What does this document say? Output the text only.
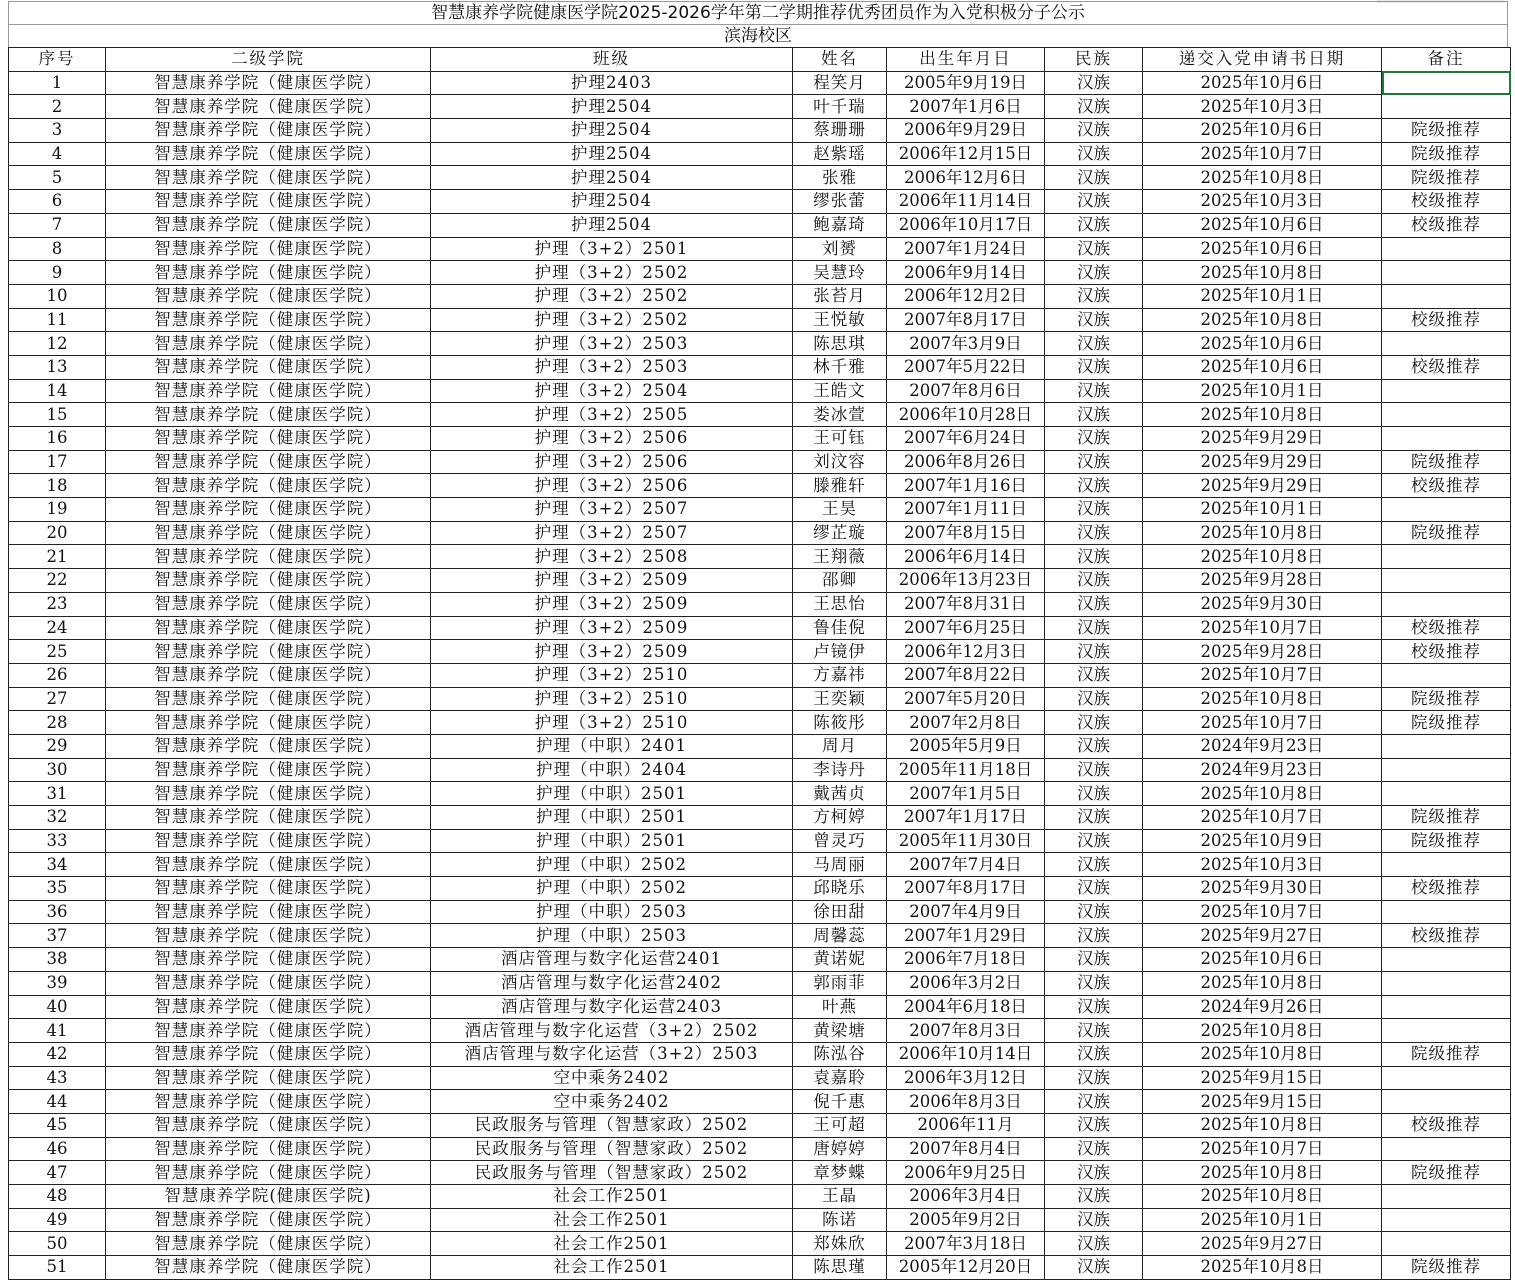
智慧康养学院健康医学院2025-2026学年第二学期推荐优秀团员作为入党积极分子公示
滨海校区
序号	二级学院	班级	姓名	出生年月日	民族	递交入党申请书日期	备注
1	智慧康养学院（健康医学院）	护理2403	程笑月	2005年9月19日	汉族	2025年10月6日	
2	智慧康养学院（健康医学院）	护理2504	叶千瑞	2007年1月6日	汉族	2025年10月3日	
3	智慧康养学院（健康医学院）	护理2504	蔡珊珊	2006年9月29日	汉族	2025年10月6日	院级推荐
4	智慧康养学院（健康医学院）	护理2504	赵紫瑶	2006年12月15日	汉族	2025年10月7日	院级推荐
5	智慧康养学院（健康医学院）	护理2504	张雅	2006年12月6日	汉族	2025年10月8日	院级推荐
6	智慧康养学院（健康医学院）	护理2504	缪张蕾	2006年11月14日	汉族	2025年10月3日	校级推荐
7	智慧康养学院（健康医学院）	护理2504	鲍嘉琦	2006年10月17日	汉族	2025年10月6日	校级推荐
8	智慧康养学院（健康医学院）	护理（3+2）2501	刘赟	2007年1月24日	汉族	2025年10月6日	
9	智慧康养学院（健康医学院）	护理（3+2）2502	吴慧玲	2006年9月14日	汉族	2025年10月8日	
10	智慧康养学院（健康医学院）	护理（3+2）2502	张苔月	2006年12月2日	汉族	2025年10月1日	
11	智慧康养学院（健康医学院）	护理（3+2）2502	王悦敏	2007年8月17日	汉族	2025年10月8日	校级推荐
12	智慧康养学院（健康医学院）	护理（3+2）2503	陈思琪	2007年3月9日	汉族	2025年10月6日	
13	智慧康养学院（健康医学院）	护理（3+2）2503	林千雅	2007年5月22日	汉族	2025年10月6日	校级推荐
14	智慧康养学院（健康医学院）	护理（3+2）2504	王皓文	2007年8月6日	汉族	2025年10月1日	
15	智慧康养学院（健康医学院）	护理（3+2）2505	娄冰萱	2006年10月28日	汉族	2025年10月8日	
16	智慧康养学院（健康医学院）	护理（3+2）2506	王可钰	2007年6月24日	汉族	2025年9月29日	
17	智慧康养学院（健康医学院）	护理（3+2）2506	刘汶容	2006年8月26日	汉族	2025年9月29日	院级推荐
18	智慧康养学院（健康医学院）	护理（3+2）2506	滕雅轩	2007年1月16日	汉族	2025年9月29日	校级推荐
19	智慧康养学院（健康医学院）	护理（3+2）2507	王昊	2007年1月11日	汉族	2025年10月1日	
20	智慧康养学院（健康医学院）	护理（3+2）2507	缪芷璇	2007年8月15日	汉族	2025年10月8日	院级推荐
21	智慧康养学院（健康医学院）	护理（3+2）2508	王翔薇	2006年6月14日	汉族	2025年10月8日	
22	智慧康养学院（健康医学院）	护理（3+2）2509	邵卿	2006年13月23日	汉族	2025年9月28日	
23	智慧康养学院（健康医学院）	护理（3+2）2509	王思怡	2007年8月31日	汉族	2025年9月30日	
24	智慧康养学院（健康医学院）	护理（3+2）2509	鲁佳倪	2007年6月25日	汉族	2025年10月7日	校级推荐
25	智慧康养学院（健康医学院）	护理（3+2）2509	卢镜伊	2006年12月3日	汉族	2025年9月28日	校级推荐
26	智慧康养学院（健康医学院）	护理（3+2）2510	方嘉祎	2007年8月22日	汉族	2025年10月7日	
27	智慧康养学院（健康医学院）	护理（3+2）2510	王奕颖	2007年5月20日	汉族	2025年10月8日	院级推荐
28	智慧康养学院（健康医学院）	护理（3+2）2510	陈筱彤	2007年2月8日	汉族	2025年10月7日	院级推荐
29	智慧康养学院（健康医学院）	护理（中职）2401	周月	2005年5月9日	汉族	2024年9月23日	
30	智慧康养学院（健康医学院）	护理（中职）2404	李诗丹	2005年11月18日	汉族	2024年9月23日	
31	智慧康养学院（健康医学院）	护理（中职）2501	戴茜贞	2007年1月5日	汉族	2025年10月8日	
32	智慧康养学院（健康医学院）	护理（中职）2501	方柯婷	2007年1月17日	汉族	2025年10月7日	院级推荐
33	智慧康养学院（健康医学院）	护理（中职）2501	曾灵巧	2005年11月30日	汉族	2025年10月9日	院级推荐
34	智慧康养学院（健康医学院）	护理（中职）2502	马周丽	2007年7月4日	汉族	2025年10月3日	
35	智慧康养学院（健康医学院）	护理（中职）2502	邱晓乐	2007年8月17日	汉族	2025年9月30日	校级推荐
36	智慧康养学院（健康医学院）	护理（中职）2503	徐田甜	2007年4月9日	汉族	2025年10月7日	
37	智慧康养学院（健康医学院）	护理（中职）2503	周馨蕊	2007年1月29日	汉族	2025年9月27日	校级推荐
38	智慧康养学院（健康医学院）	酒店管理与数字化运营2401	黄诺妮	2006年7月18日	汉族	2025年10月6日	
39	智慧康养学院（健康医学院）	酒店管理与数字化运营2402	郭雨菲	2006年3月2日	汉族	2025年10月8日	
40	智慧康养学院（健康医学院）	酒店管理与数字化运营2403	叶燕	2004年6月18日	汉族	2024年9月26日	
41	智慧康养学院（健康医学院）	酒店管理与数字化运营（3+2）2502	黄梁塘	2007年8月3日	汉族	2025年10月8日	
42	智慧康养学院（健康医学院）	酒店管理与数字化运营（3+2）2503	陈泓谷	2006年10月14日	汉族	2025年10月8日	院级推荐
43	智慧康养学院（健康医学院）	空中乘务2402	袁嘉聆	2006年3月12日	汉族	2025年9月15日	
44	智慧康养学院（健康医学院）	空中乘务2402	倪千惠	2006年8月3日	汉族	2025年9月15日	
45	智慧康养学院（健康医学院）	民政服务与管理（智慧家政）2502	王可超	2006年11月	汉族	2025年10月8日	校级推荐
46	智慧康养学院（健康医学院）	民政服务与管理（智慧家政）2502	唐婷婷	2007年8月4日	汉族	2025年10月7日	
47	智慧康养学院（健康医学院）	民政服务与管理（智慧家政）2502	章梦蝶	2006年9月25日	汉族	2025年10月8日	院级推荐
48	智慧康养学院(健康医学院)	社会工作2501	王晶	2006年3月4日	汉族	2025年10月8日	
49	智慧康养学院（健康医学院）	社会工作2501	陈诺	2005年9月2日	汉族	2025年10月1日	
50	智慧康养学院（健康医学院）	社会工作2501	郑姝欣	2007年3月18日	汉族	2025年9月27日	
51	智慧康养学院（健康医学院）	社会工作2501	陈思瑾	2005年12月20日	汉族	2025年10月8日	院级推荐
